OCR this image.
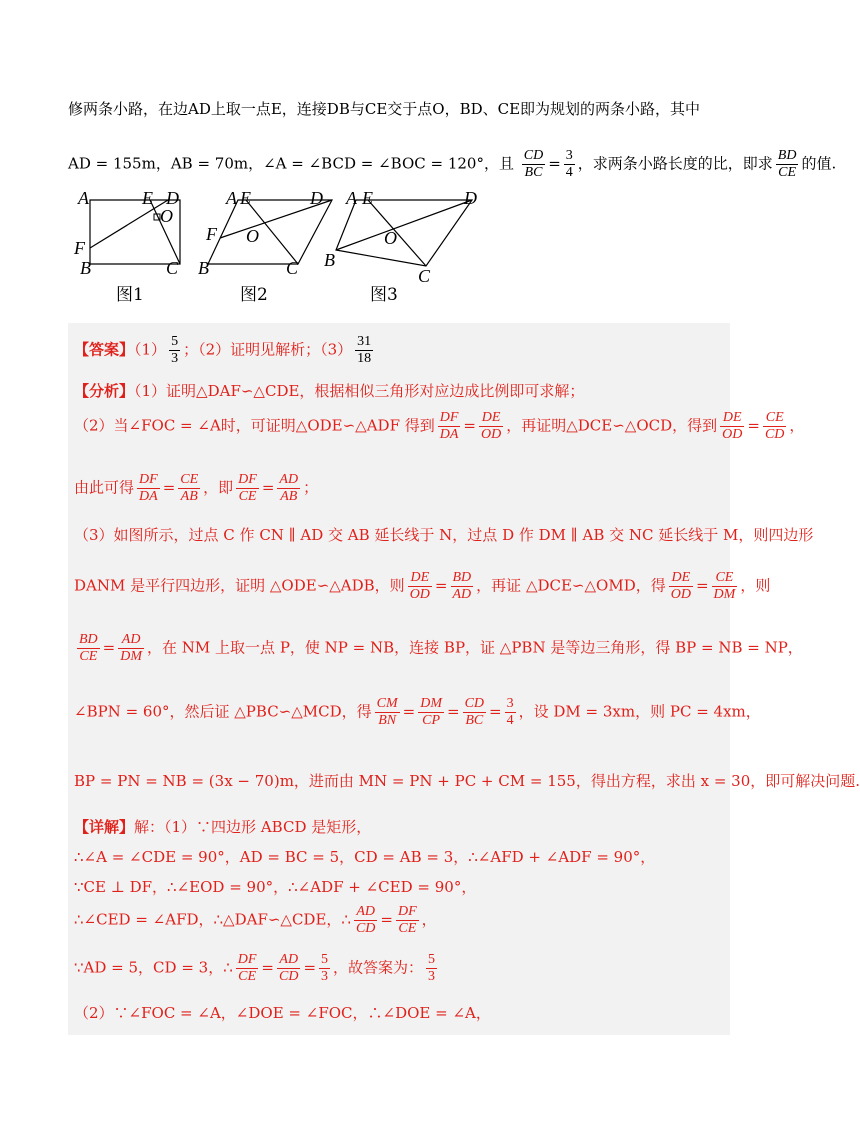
修两条小路，在边AD上取一点E，连接DB与CE交于点O，BD、CE即为规划的两条小路，其中
AD = 155m，AB = 70m，∠A = ∠BCD = ∠BOC = 120°，且 $\frac{CD}{BC} = \frac{3}{4}$ ，求两条小路长度的比，即求 $\frac{BD}{CE}$ 的值.
A	E D
O
F
B	C
图1
A E	D
F O
B	C
图2
A E	D
O
B
C
图3
【答案】$(1) \frac{5}{3}$ ；（2）证明见解析；$(3) \frac{31}{18}$
【分析】（1）证明△DAF∽△CDE，根据相似三角形对应边成比例即可求解；
（2）当∠FOC = ∠A时，可证明△ODE∽△ADF 得到 $\frac{DF}{DA} = \frac{DE}{OD}$ ，再证明△DCE∽△OCD，得到 $\frac{DE}{OD} = \frac{CE}{CD}$ ，
由此可得 $\frac{DF}{DA} = \frac{CE}{AB}$ ，即 $\frac{DF}{CE} = \frac{AD}{AB}$ ；
（3）如图所示，过点 C 作 CN ∥ AD 交 AB 延长线于 N，过点 D 作 DM ∥ AB 交 NC 延长线于 M，则四边形
DANM 是平行四边形，证明 △ODE∽△ADB，则 $\frac{DE}{OD} = \frac{BD}{AD}$ ，再证 △DCE∽△OMD，得 $\frac{DE}{OD} = \frac{CE}{DM}$ ，则
$\frac{BD}{CE} = \frac{AD}{DM}$ ，在 NM 上取一点 P，使 NP = NB，连接 BP，证 △PBN 是等边三角形，得 BP = NB = NP，
∠BPN = 60°，然后证 △PBC∽△MCD，得 $\frac{CM}{BN} = \frac{DM}{CP} = \frac{CD}{BC} = \frac{3}{4}$ ，设 DM = 3xm，则 PC = 4xm，
BP = PN = NB = (3x − 70)m，进而由 MN = PN + PC + CM = 155，得出方程，求出 x = 30，即可解决问题.
【详解】解：（1）∵四边形 ABCD 是矩形，
∴∠A = ∠CDE = 90°，AD = BC = 5，CD = AB = 3，∴∠AFD + ∠ADF = 90°，
∵CE ⊥ DF，∴∠EOD = 90°，∴∠ADF + ∠CED = 90°，
∴∠CED = ∠AFD，∴△DAF∽△CDE，∴ $\frac{AD}{CD} = \frac{DF}{CE}$ ，
∵AD = 5，CD = 3，∴ $\frac{DF}{CE} = \frac{AD}{CD} = \frac{5}{3}$ ，故答案为： $\frac{5}{3}$
（2）∵∠FOC = ∠A，∠DOE = ∠FOC，∴∠DOE = ∠A，
